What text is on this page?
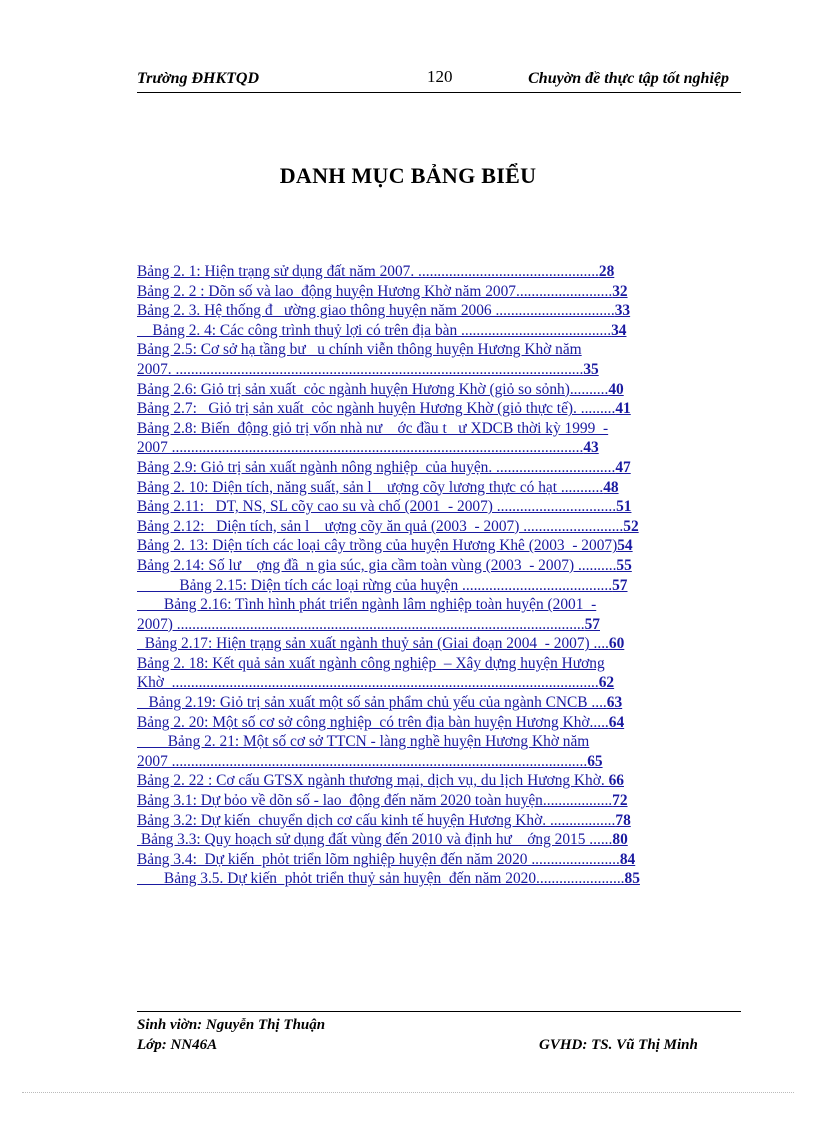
Trường ĐHKTQD	120	Chuyờn đề thực tập tốt nghiệp
DANH MỤC BẢNG BIỂU
Bảng 2. 1: Hiện trạng sử dụng đất năm 2007. ...............................................28
Bảng 2. 2 : Dõn số và lao  động huyện Hương Khờ năm 2007.........................32
Bảng 2. 3. Hệ thống đ   ường giao thông huyện năm 2006 ...............................33
Bảng 2. 4: Các công trình thuỷ lợi có trên địa bàn .......................................34
Bảng 2.5: Cơ sở hạ tầng bư   u chính viễn thông huyện Hương Khờ năm
2007. ..........................................................................................................35
Bảng 2.6: Giỏ trị sản xuất  cỏc ngành huyện Hương Khờ (giỏ so sỏnh)..........40
Bảng 2.7:   Giỏ trị sản xuất  cỏc ngành huyện Hương Khờ (giỏ thực tế). .........41
Bảng 2.8: Biến  động giỏ trị vốn nhà nư    ớc đầu t   ư XDCB thời kỳ 1999  -
2007 ...........................................................................................................43
Bảng 2.9: Giỏ trị sản xuất ngành nông nghiệp  của huyện. ...............................47
Bảng 2. 10: Diện tích, năng suất, sản l    ượng cõy lương thực có hạt ...........48
Bảng 2.11:   DT, NS, SL cõy cao su và chố (2001  - 2007) ...............................51
Bảng 2.12:   Diện tích, sản l    ượng cõy ăn quả (2003  - 2007) ..........................52
Bảng 2. 13: Diện tích các loại cây trồng của huyện Hương Khê (2003  - 2007)54
Bảng 2.14: Số lư    ợng đầ  n gia súc, gia cầm toàn vùng (2003  - 2007) ..........55
Bảng 2.15: Diện tích các loại rừng của huyện .......................................57
Bảng 2.16: Tình hình phát triển ngành lâm nghiệp toàn huyện (2001  -
2007) ..........................................................................................................57
Bảng 2.17: Hiện trạng sản xuất ngành thuỷ sản (Giai đoạn 2004  - 2007) ....60
Bảng 2. 18: Kết quả sản xuất ngành công nghiệp  – Xây dựng huyện Hương
Khờ  ...............................................................................................................62
Bảng 2.19: Giỏ trị sản xuất một số sản phẩm chủ yếu của ngành CNCB ....63
Bảng 2. 20: Một số cơ sở công nghiệp  có trên địa bàn huyện Hương Khờ.....64
Bảng 2. 21: Một số cơ sở TTCN - làng nghề huyện Hương Khờ năm
2007 ............................................................................................................65
Bảng 2. 22 : Cơ cấu GTSX ngành thương mại, dịch vụ, du lịch Hương Khờ. 66
Bảng 3.1: Dự bỏo về dõn số - lao  động đến năm 2020 toàn huyện..................72
Bảng 3.2: Dự kiến  chuyển dịch cơ cấu kinh tế huyện Hương Khờ. .................78
Bảng 3.3: Quy hoạch sử dụng đất vùng đến 2010 và định hư    ớng 2015 ......80
Bảng 3.4:  Dự kiến  phỏt triển lõm nghiệp huyện đến năm 2020 .......................84
Bảng 3.5. Dự kiến  phỏt triển thuỷ sản huyện  đến năm 2020.......................85
Sinh viờn: Nguyễn Thị Thuận
Lớp: NN46A	GVHD: TS. Vũ Thị Minh
